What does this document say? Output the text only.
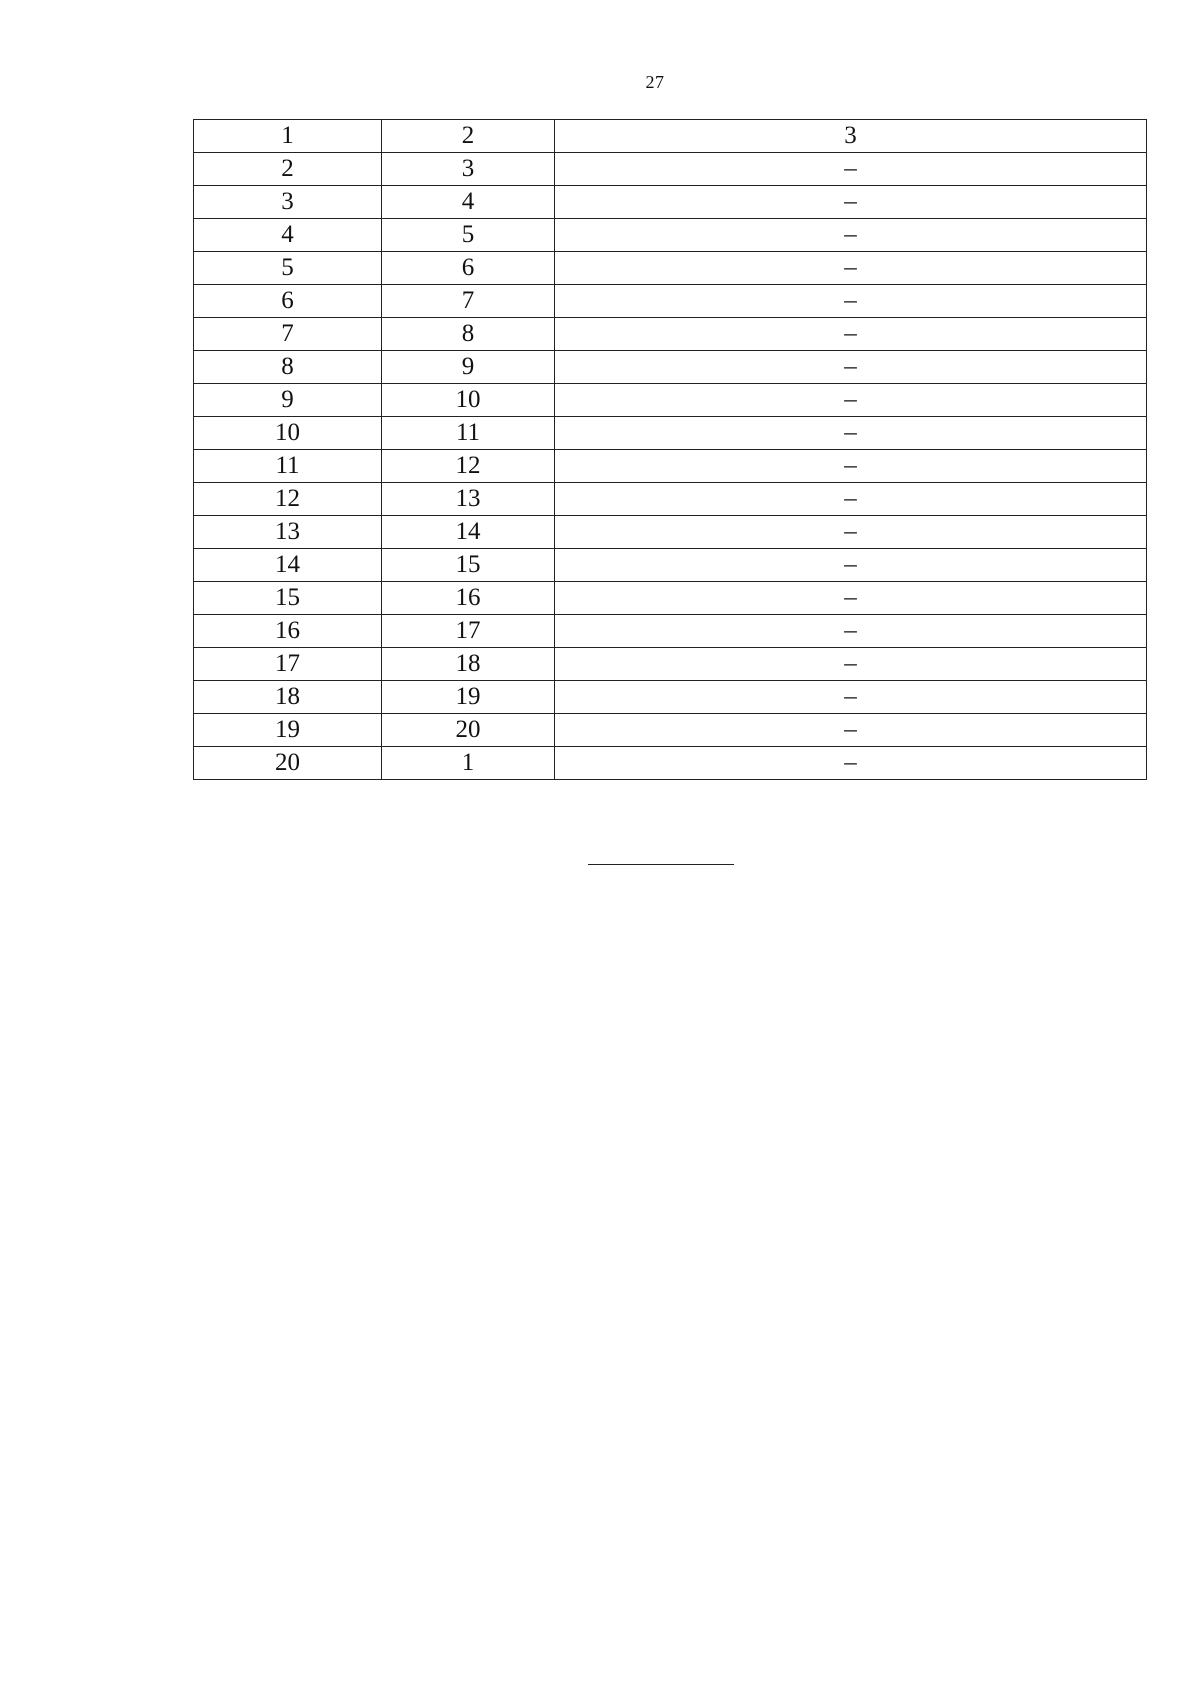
27
1	2	3
2	3	–
3	4	–
4	5	–
5	6	–
6	7	–
7	8	–
8	9	–
9	10	–
10	11	–
11	12	–
12	13	–
13	14	–
14	15	–
15	16	–
16	17	–
17	18	–
18	19	–
19	20	–
20	1	–
